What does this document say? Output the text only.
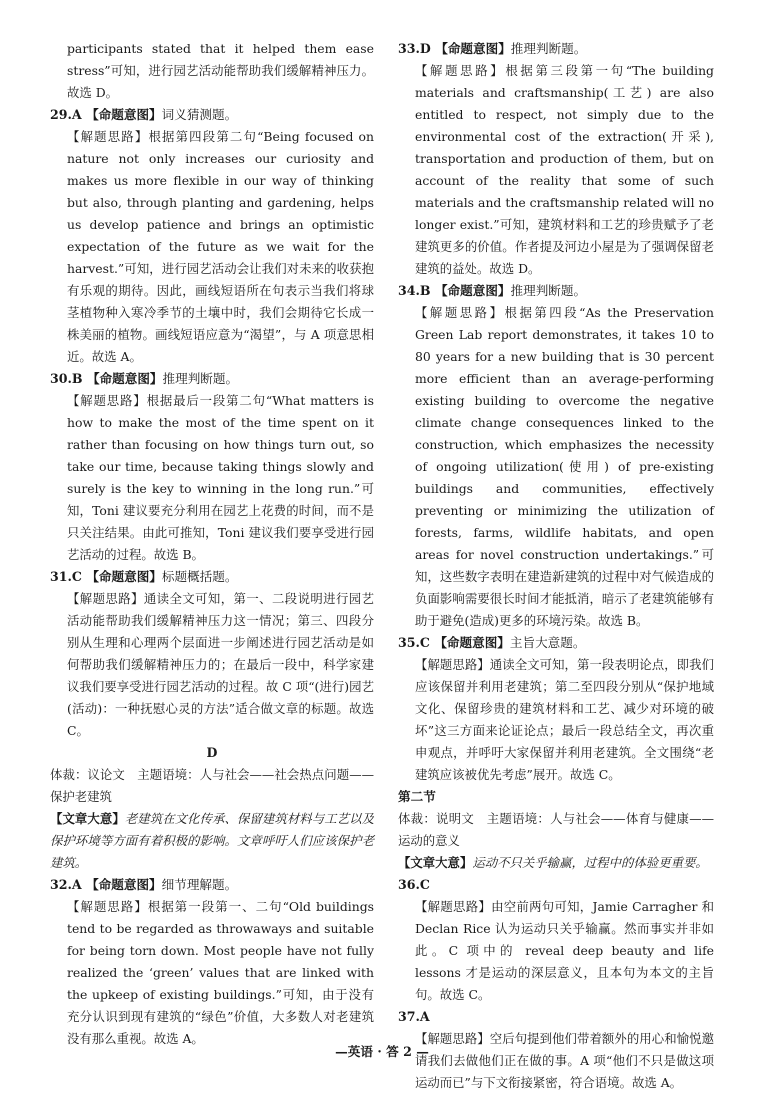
participants stated that it helped them ease stress”可知，进行园艺活动能帮助我们缓解精神压力。故选 D。

29.A 【命题意图】词义猜测题。

【解题思路】根据第四段第二句“Being focused on nature not only increases our curiosity and makes us more flexible in our way of thinking but also, through planting and gardening, helps us develop patience and brings an optimistic expectation of the future as we wait for the harvest.”可知，进行园艺活动会让我们对未来的收获抱有乐观的期待。因此，画线短语所在句表示当我们将球茎植物种入寒冷季节的土壤中时，我们会期待它长成一株美丽的植物。画线短语应意为“渴望”，与 A 项意思相近。故选 A。

30.B 【命题意图】推理判断题。

【解题思路】根据最后一段第二句“What matters is how to make the most of the time spent on it rather than focusing on how things turn out, so take our time, because taking things slowly and surely is the key to winning in the long run.”可知，Toni 建议要充分利用在园艺上花费的时间，而不是只关注结果。由此可推知，Toni 建议我们要享受进行园艺活动的过程。故选 B。

31.C 【命题意图】标题概括题。

【解题思路】通读全文可知，第一、二段说明进行园艺活动能帮助我们缓解精神压力这一情况；第三、四段分别从生理和心理两个层面进一步阐述进行园艺活动是如何帮助我们缓解精神压力的；在最后一段中，科学家建议我们要享受进行园艺活动的过程。故 C 项“(进行)园艺(活动)：一种抚慰心灵的方法”适合做文章的标题。故选 C。

D

体裁：议论文　主题语境：人与社会——社会热点问题——保护老建筑

【文章大意】老建筑在文化传承、保留建筑材料与工艺以及保护环境等方面有着积极的影响。文章呼吁人们应该保护老建筑。

32.A 【命题意图】细节理解题。

【解题思路】根据第一段第一、二句“Old buildings tend to be regarded as throwaways and suitable for being torn down. Most people have not fully realized the ‘green’ values that are linked with the upkeep of existing buildings.”可知，由于没有充分认识到现有建筑的“绿色”价值，大多数人对老建筑没有那么重视。故选 A。

33.D 【命题意图】推理判断题。

【解题思路】根据第三段第一句“The building materials and craftsmanship(工艺) are also entitled to respect, not simply due to the environmental cost of the extraction(开采), transportation and production of them, but on account of the reality that some of such materials and the craftsmanship related will no longer exist.”可知，建筑材料和工艺的珍贵赋予了老建筑更多的价值。作者提及河边小屋是为了强调保留老建筑的益处。故选 D。

34.B 【命题意图】推理判断题。

【解题思路】根据第四段“As the Preservation Green Lab report demonstrates, it takes 10 to 80 years for a new building that is 30 percent more efficient than an average-performing existing building to overcome the negative climate change consequences linked to the construction, which emphasizes the necessity of ongoing utilization(使用) of pre-existing buildings and communities, effectively preventing or minimizing the utilization of forests, farms, wildlife habitats, and open areas for novel construction undertakings.”可知，这些数字表明在建造新建筑的过程中对气候造成的负面影响需要很长时间才能抵消，暗示了老建筑能够有助于避免(造成)更多的环境污染。故选 B。

35.C 【命题意图】主旨大意题。

【解题思路】通读全文可知，第一段表明论点，即我们应该保留并利用老建筑；第二至四段分别从“保护地域文化、保留珍贵的建筑材料和工艺、减少对环境的破坏”这三方面来论证论点；最后一段总结全文，再次重申观点，并呼吁大家保留并利用老建筑。全文围绕“老建筑应该被优先考虑”展开。故选 C。

第二节

体裁：说明文　主题语境：人与社会——体育与健康——运动的意义

【文章大意】运动不只关乎输赢，过程中的体验更重要。

36.C

【解题思路】由空前两句可知，Jamie Carragher 和 Declan Rice 认为运动只关乎输赢。然而事实并非如此。C 项中的 reveal deep beauty and life lessons 才是运动的深层意义，且本句为本文的主旨句。故选 C。

37.A

【解题思路】空后句提到他们带着额外的用心和愉悦邀请我们去做他们正在做的事。A 项“他们不只是做这项运动而已”与下文衔接紧密，符合语境。故选 A。

—英语 · 答 2 —
